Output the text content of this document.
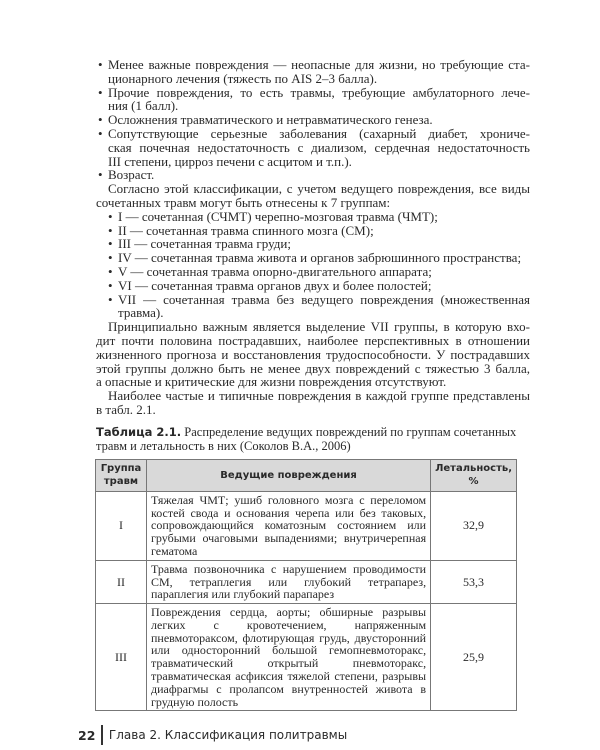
• Менее важные повреждения — неопасные для жизни, но требующие ста-
ционарного лечения (тяжесть по AIS 2–3 балла).
• Прочие повреждения, то есть травмы, требующие амбулаторного лече-
ния (1 балл).
• Осложнения травматического и нетравматического генеза.
• Сопутствующие серьезные заболевания (сахарный диабет, хрониче-
ская почечная недостаточность с диализом, сердечная недостаточность
III степени, цирроз печени с асцитом и т.п.).
• Возраст.
Согласно этой классификации, с учетом ведущего повреждения, все виды
сочетанных травм могут быть отнесены к 7 группам:
• I — сочетанная (СЧМТ) черепно-мозговая травма (ЧМТ);
• II — сочетанная травма спинного мозга (СМ);
• III — сочетанная травма груди;
• IV — сочетанная травма живота и органов забрюшинного пространства;
• V — сочетанная травма опорно-двигательного аппарата;
• VI — сочетанная травма органов двух и более полостей;
• VII — сочетанная травма без ведущего повреждения (множественная
травма).
Принципиально важным является выделение VII группы, в которую вхо-
дит почти половина пострадавших, наиболее перспективных в отношении
жизненного прогноза и восстановления трудоспособности. У пострадавших
этой группы должно быть не менее двух повреждений с тяжестью 3 балла,
а опасные и критические для жизни повреждения отсутствуют.
Наиболее частые и типичные повреждения в каждой группе представлены
в табл. 2.1.
Таблица 2.1. Распределение ведущих повреждений по группам сочетанных травм и летальность в них (Соколов В.А., 2006)
Группа травм	Ведущие повреждения	Летальность, %
I	Тяжелая ЧМТ; ушиб головного мозга с переломом костей свода и основания черепа или без таковых, сопровождающийся коматозным состоянием или грубыми очаговыми выпадениями; внутричерепная гематома	32,9
II	Травма позвоночника с нарушением проводимости СМ, тетраплегия или глубокий тетрапарез, параплегия или глубокий парапарез	53,3
III	Повреждения сердца, аорты; обширные разрывы легких с кровотечением, напряженным пневмотораксом, флотирующая грудь, двусторонний или односторонний большой гемопневмоторакс, травматический открытый пневмоторакс, травматическая асфиксия тяжелой степени, разрывы диафрагмы с пролапсом внутренностей живота в грудную полость	25,9
22 Глава 2. Классификация политравмы
